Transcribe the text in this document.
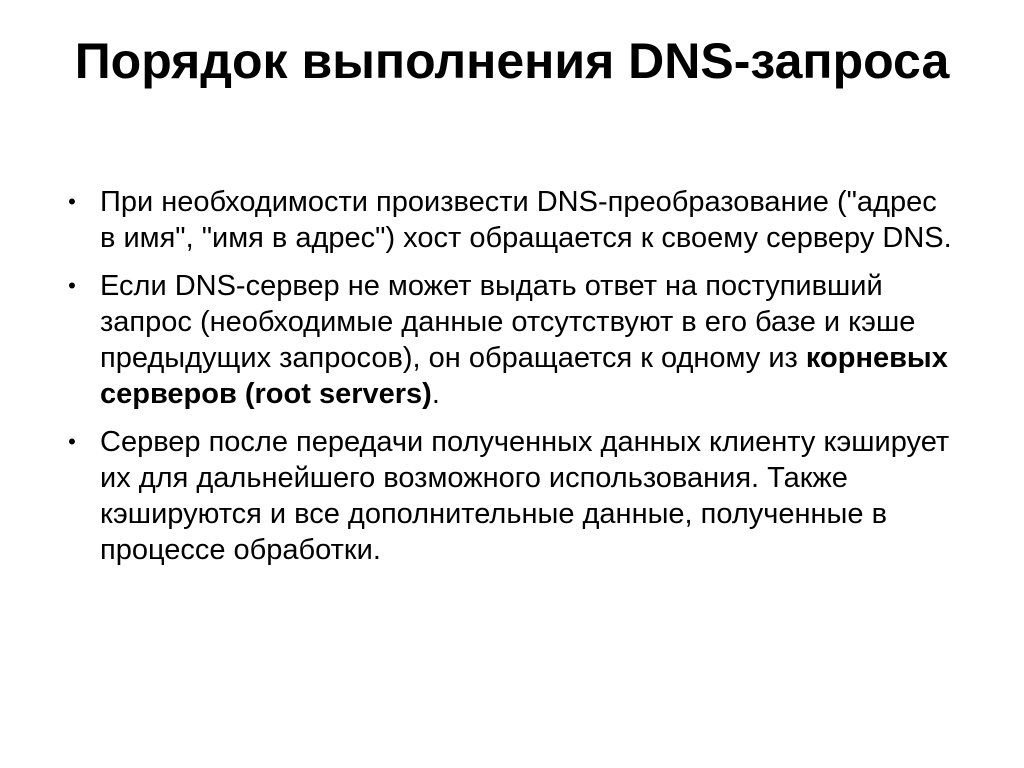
Порядок выполнения DNS-запроса
• При необходимости произвести DNS-преобразование ("адрес в имя", "имя в адрес") хост обращается к своему серверу DNS.
• Если DNS-сервер не может выдать ответ на поступивший запрос (необходимые данные отсутствуют в его базе и кэше предыдущих запросов), он обращается к одному из корневых серверов (root servers).
• Сервер после передачи полученных данных клиенту кэширует их для дальнейшего возможного использования. Также кэшируются и все дополнительные данные, полученные в процессе обработки.
